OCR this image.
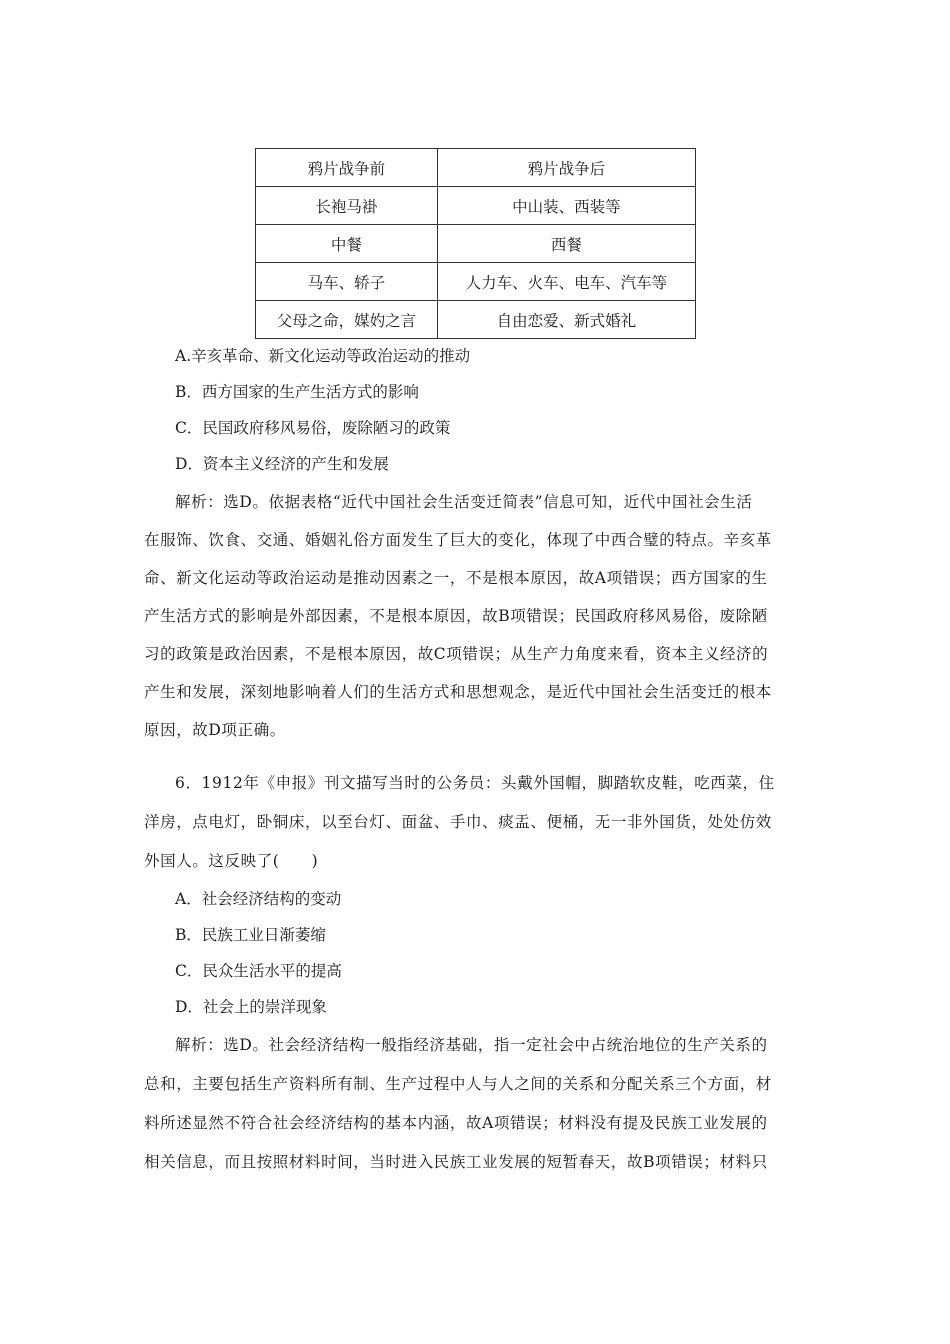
鸦片战争前	鸦片战争后
长袍马褂	中山装、西装等
中餐	西餐
马车、轿子	人力车、火车、电车、汽车等
父母之命，媒妁之言	自由恋爱、新式婚礼
A.辛亥革命、新文化运动等政治运动的推动
B．西方国家的生产生活方式的影响
C．民国政府移风易俗，废除陋习的政策
D．资本主义经济的产生和发展
解析：选D。依据表格“近代中国社会生活变迁简表”信息可知，近代中国社会生活
在服饰、饮食、交通、婚姻礼俗方面发生了巨大的变化，体现了中西合璧的特点。辛亥革
命、新文化运动等政治运动是推动因素之一，不是根本原因，故A项错误；西方国家的生
产生活方式的影响是外部因素，不是根本原因，故B项错误；民国政府移风易俗，废除陋
习的政策是政治因素，不是根本原因，故C项错误；从生产力角度来看，资本主义经济的
产生和发展，深刻地影响着人们的生活方式和思想观念，是近代中国社会生活变迁的根本
原因，故D项正确。
6．1912年《申报》刊文描写当时的公务员：头戴外国帽，脚踏软皮鞋，吃西菜，住
洋房，点电灯，卧铜床，以至台灯、面盆、手巾、痰盂、便桶，无一非外国货，处处仿效
外国人。这反映了(　　)
A．社会经济结构的变动
B．民族工业日渐萎缩
C．民众生活水平的提高
D．社会上的崇洋现象
解析：选D。社会经济结构一般指经济基础，指一定社会中占统治地位的生产关系的
总和，主要包括生产资料所有制、生产过程中人与人之间的关系和分配关系三个方面，材
料所述显然不符合社会经济结构的基本内涵，故A项错误；材料没有提及民族工业发展的
相关信息，而且按照材料时间，当时进入民族工业发展的短暂春天，故B项错误；材料只
